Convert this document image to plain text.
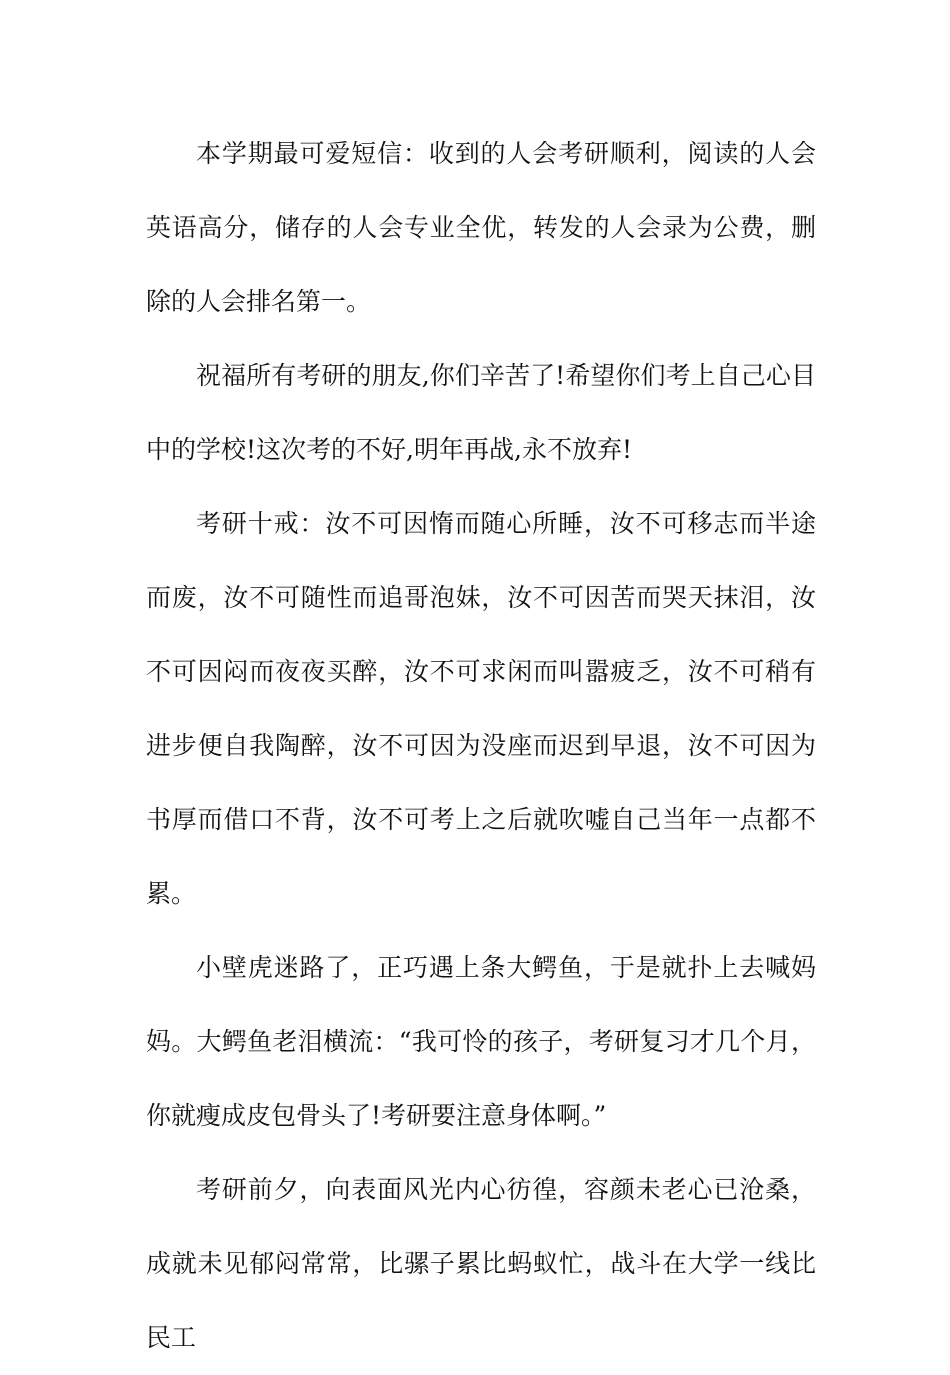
本学期最可爱短信：收到的人会考研顺利，阅读的人会英语高分，储存的人会专业全优，转发的人会录为公费，删除的人会排名第一。

祝福所有考研的朋友,你们辛苦了!希望你们考上自己心目中的学校!这次考的不好,明年再战,永不放弃!

考研十戒：汝不可因惰而随心所睡，汝不可移志而半途而废，汝不可随性而追哥泡妹，汝不可因苦而哭天抹泪，汝不可因闷而夜夜买醉，汝不可求闲而叫嚣疲乏，汝不可稍有进步便自我陶醉，汝不可因为没座而迟到早退，汝不可因为书厚而借口不背，汝不可考上之后就吹嘘自己当年一点都不累。

小壁虎迷路了，正巧遇上条大鳄鱼，于是就扑上去喊妈妈。大鳄鱼老泪横流：“我可怜的孩子，考研复习才几个月，你就瘦成皮包骨头了!考研要注意身体啊。”

考研前夕，向表面风光内心彷徨，容颜未老心已沧桑，成就未见郁闷常常，比骡子累比蚂蚁忙，战斗在大学一线比民工
